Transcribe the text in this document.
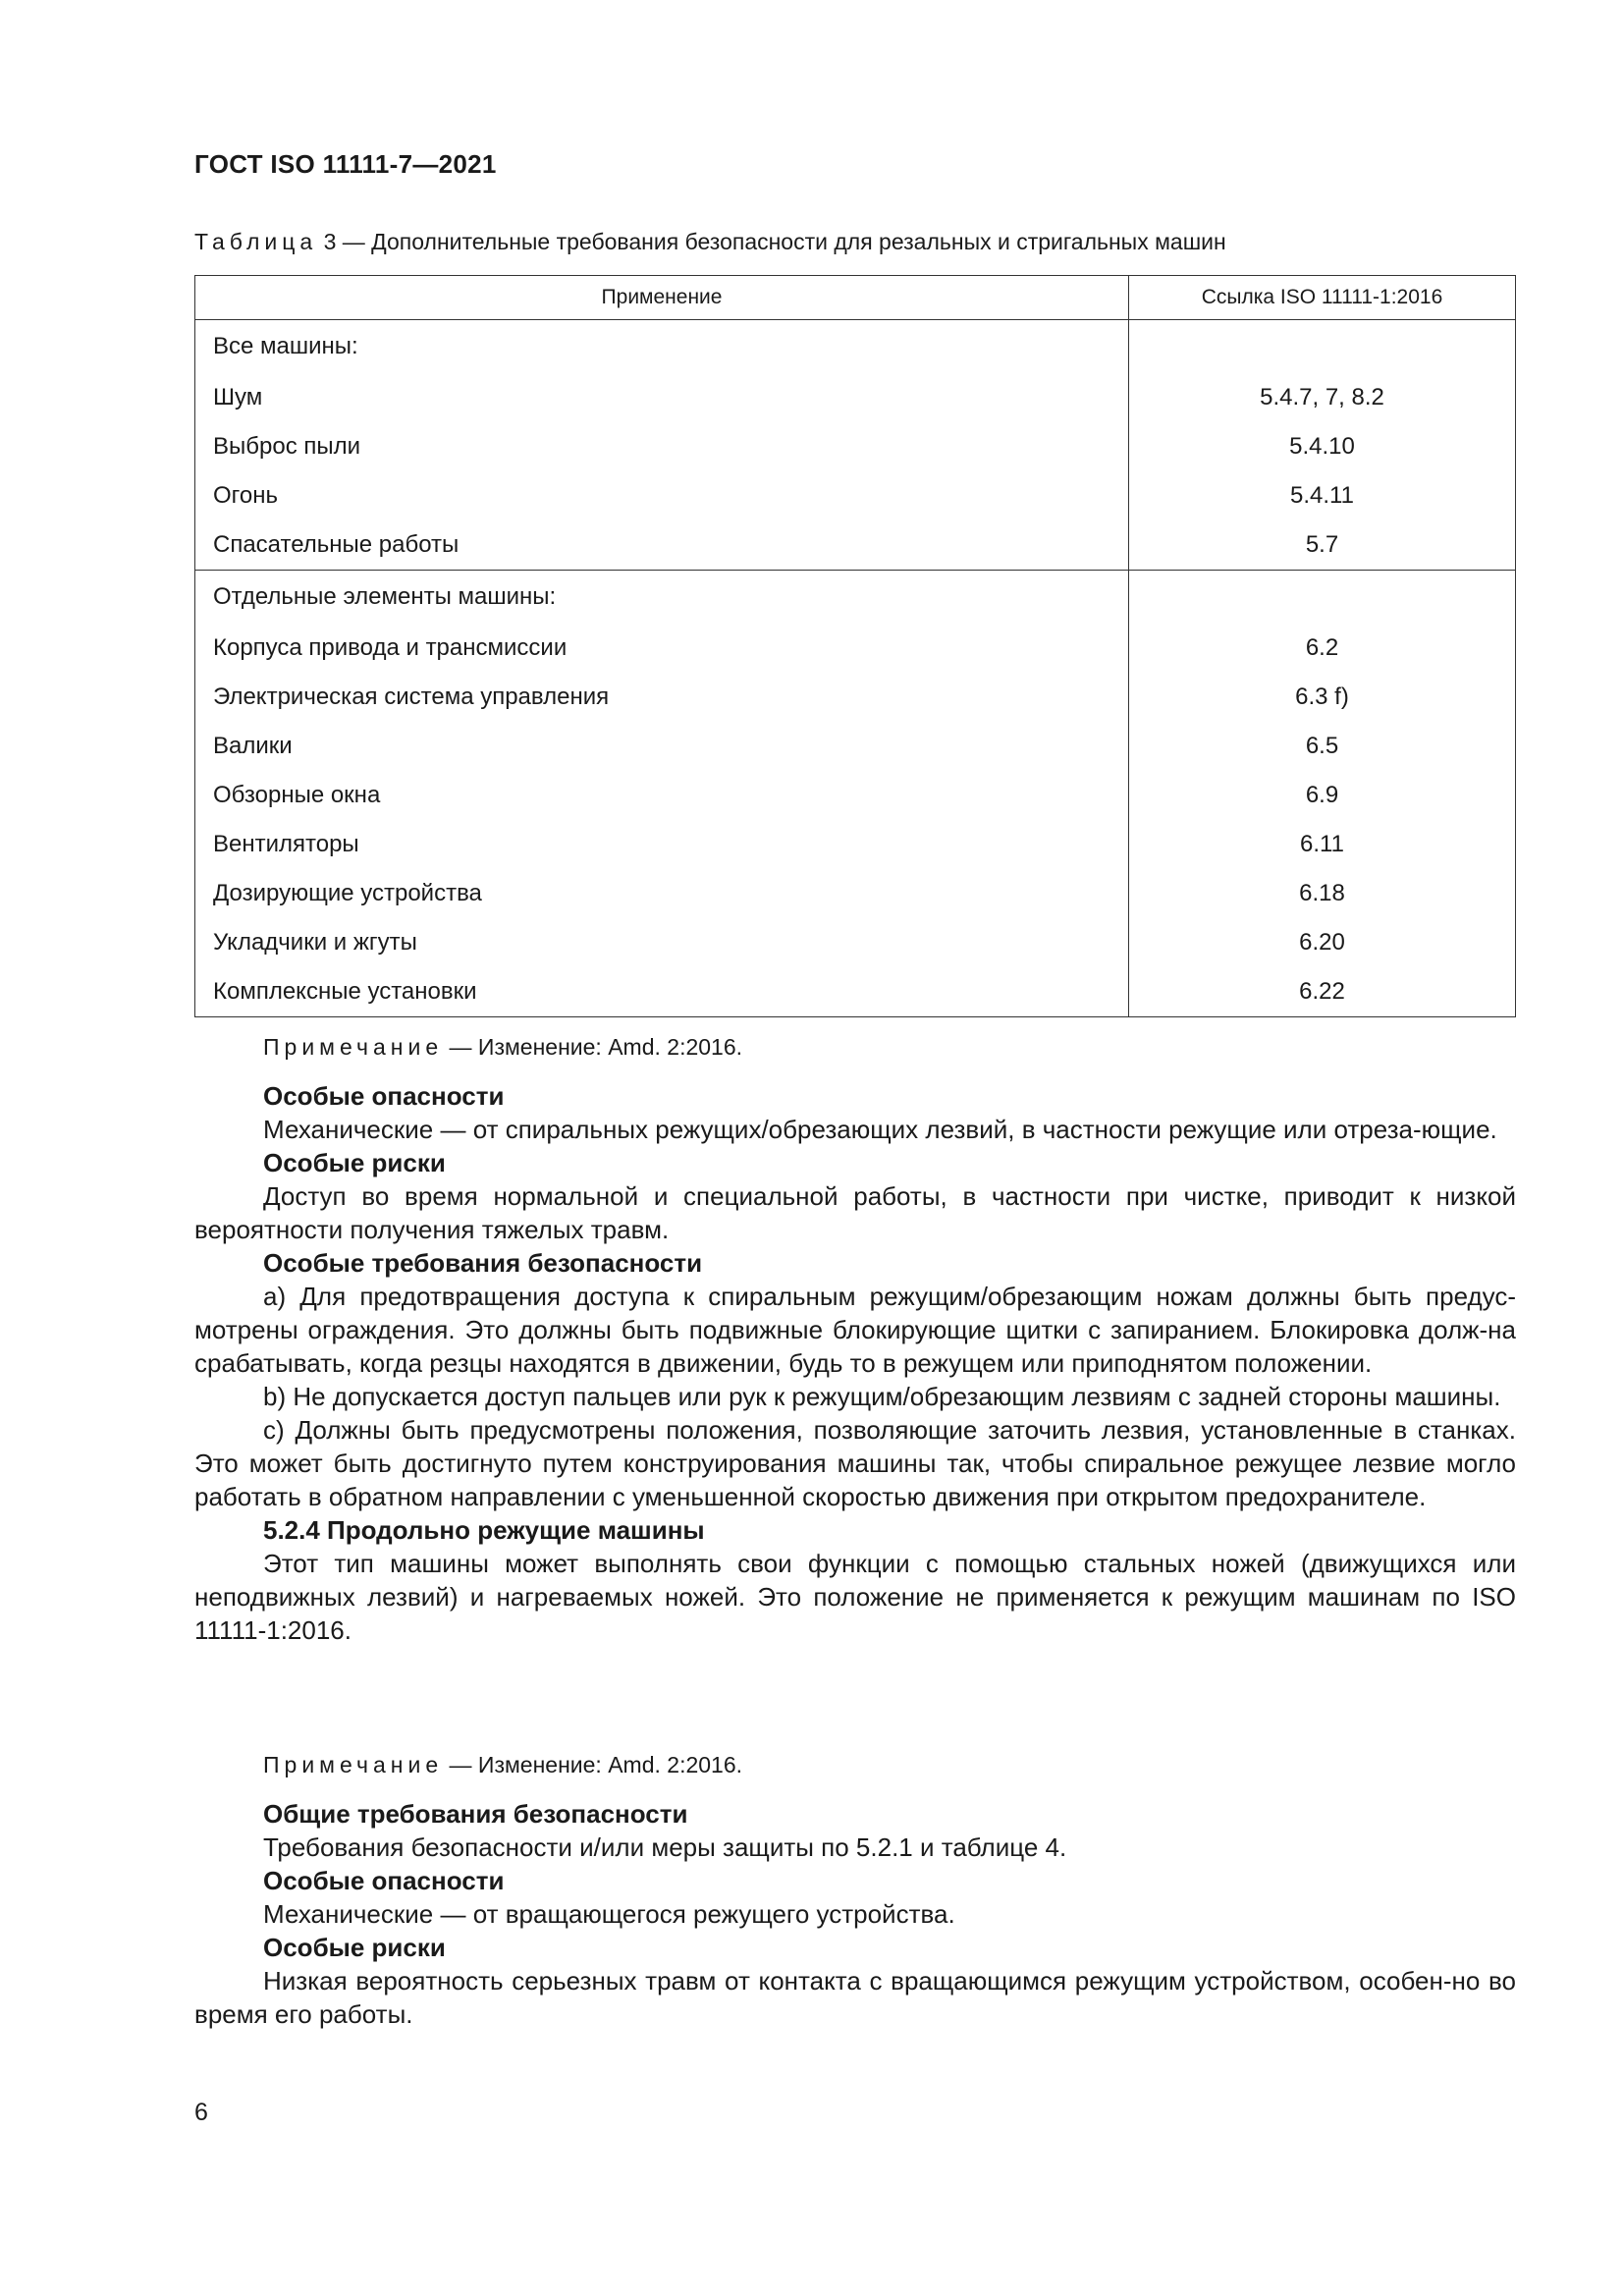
ГОСТ ISO 11111-7—2021
Таблица 3 — Дополнительные требования безопасности для резальных и стригальных машин
Применение	Ссылка ISO 11111-1:2016
Все машины:	
Шум	5.4.7, 7, 8.2
Выброс пыли	5.4.10
Огонь	5.4.11
Спасательные работы	5.7
Отдельные элементы машины:	
Корпуса привода и трансмиссии	6.2
Электрическая система управления	6.3 f)
Валики	6.5
Обзорные окна	6.9
Вентиляторы	6.11
Дозирующие устройства	6.18
Укладчики и жгуты	6.20
Комплексные установки	6.22
Примечание — Изменение: Amd. 2:2016.

Особые опасности

Механические — от спиральных режущих/обрезающих лезвий, в частности режущие или отреза-ющие.

Особые риски

Доступ во время нормальной и специальной работы, в частности при чистке, приводит к низкой вероятности получения тяжелых травм.

Особые требования безопасности

a) Для предотвращения доступа к спиральным режущим/обрезающим ножам должны быть предус-мотрены ограждения. Это должны быть подвижные блокирующие щитки с запиранием. Блокировка долж-на срабатывать, когда резцы находятся в движении, будь то в режущем или приподнятом положении.

b) Не допускается доступ пальцев или рук к режущим/обрезающим лезвиям с задней стороны машины.

c) Должны быть предусмотрены положения, позволяющие заточить лезвия, установленные в станках. Это может быть достигнуто путем конструирования машины так, чтобы спиральное режущее лезвие могло работать в обратном направлении с уменьшенной скоростью движения при открытом предохранителе.

5.2.4 Продольно режущие машины

Этот тип машины может выполнять свои функции с помощью стальных ножей (движущихся или неподвижных лезвий) и нагреваемых ножей. Это положение не применяется к режущим машинам по ISO 11111-1:2016.

Примечание — Изменение: Amd. 2:2016.

Общие требования безопасности

Требования безопасности и/или меры защиты по 5.2.1 и таблице 4.

Особые опасности

Механические — от вращающегося режущего устройства.

Особые риски

Низкая вероятность серьезных травм от контакта с вращающимся режущим устройством, особен-но во время его работы.

6
